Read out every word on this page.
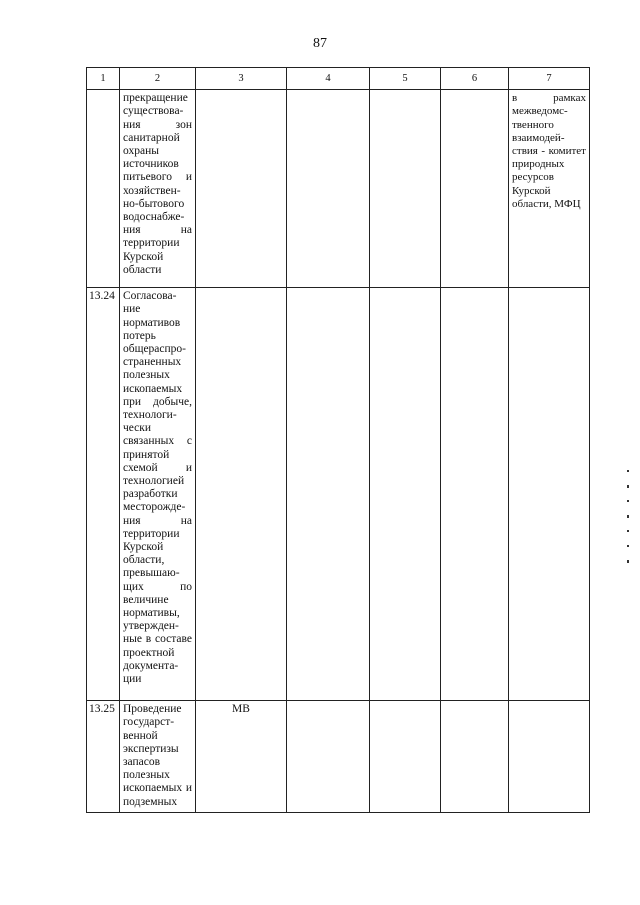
87
1	2	3	4	5	6	7
	прекращение существова-ния зон санитарной охраны источников питьевого и хозяйствен-но-бытового водоснабже-ния на территории Курской области					в рамках межведомс-твенного взаимодей-ствия - комитет природных ресурсов Курской области, МФЦ
13.24	Согласова-ние нормативов потерь общераспро-страненных полезных ископаемых при добыче, технологи-чески связанных с принятой схемой и технологией разработки месторожде-ния на территории Курской области, превышаю-щих по величине нормативы, утвержден-ные в составе проектной документа-ции					
13.25	Проведение государст-венной экспертизы запасов полезных ископаемых и подземных	МВ				
